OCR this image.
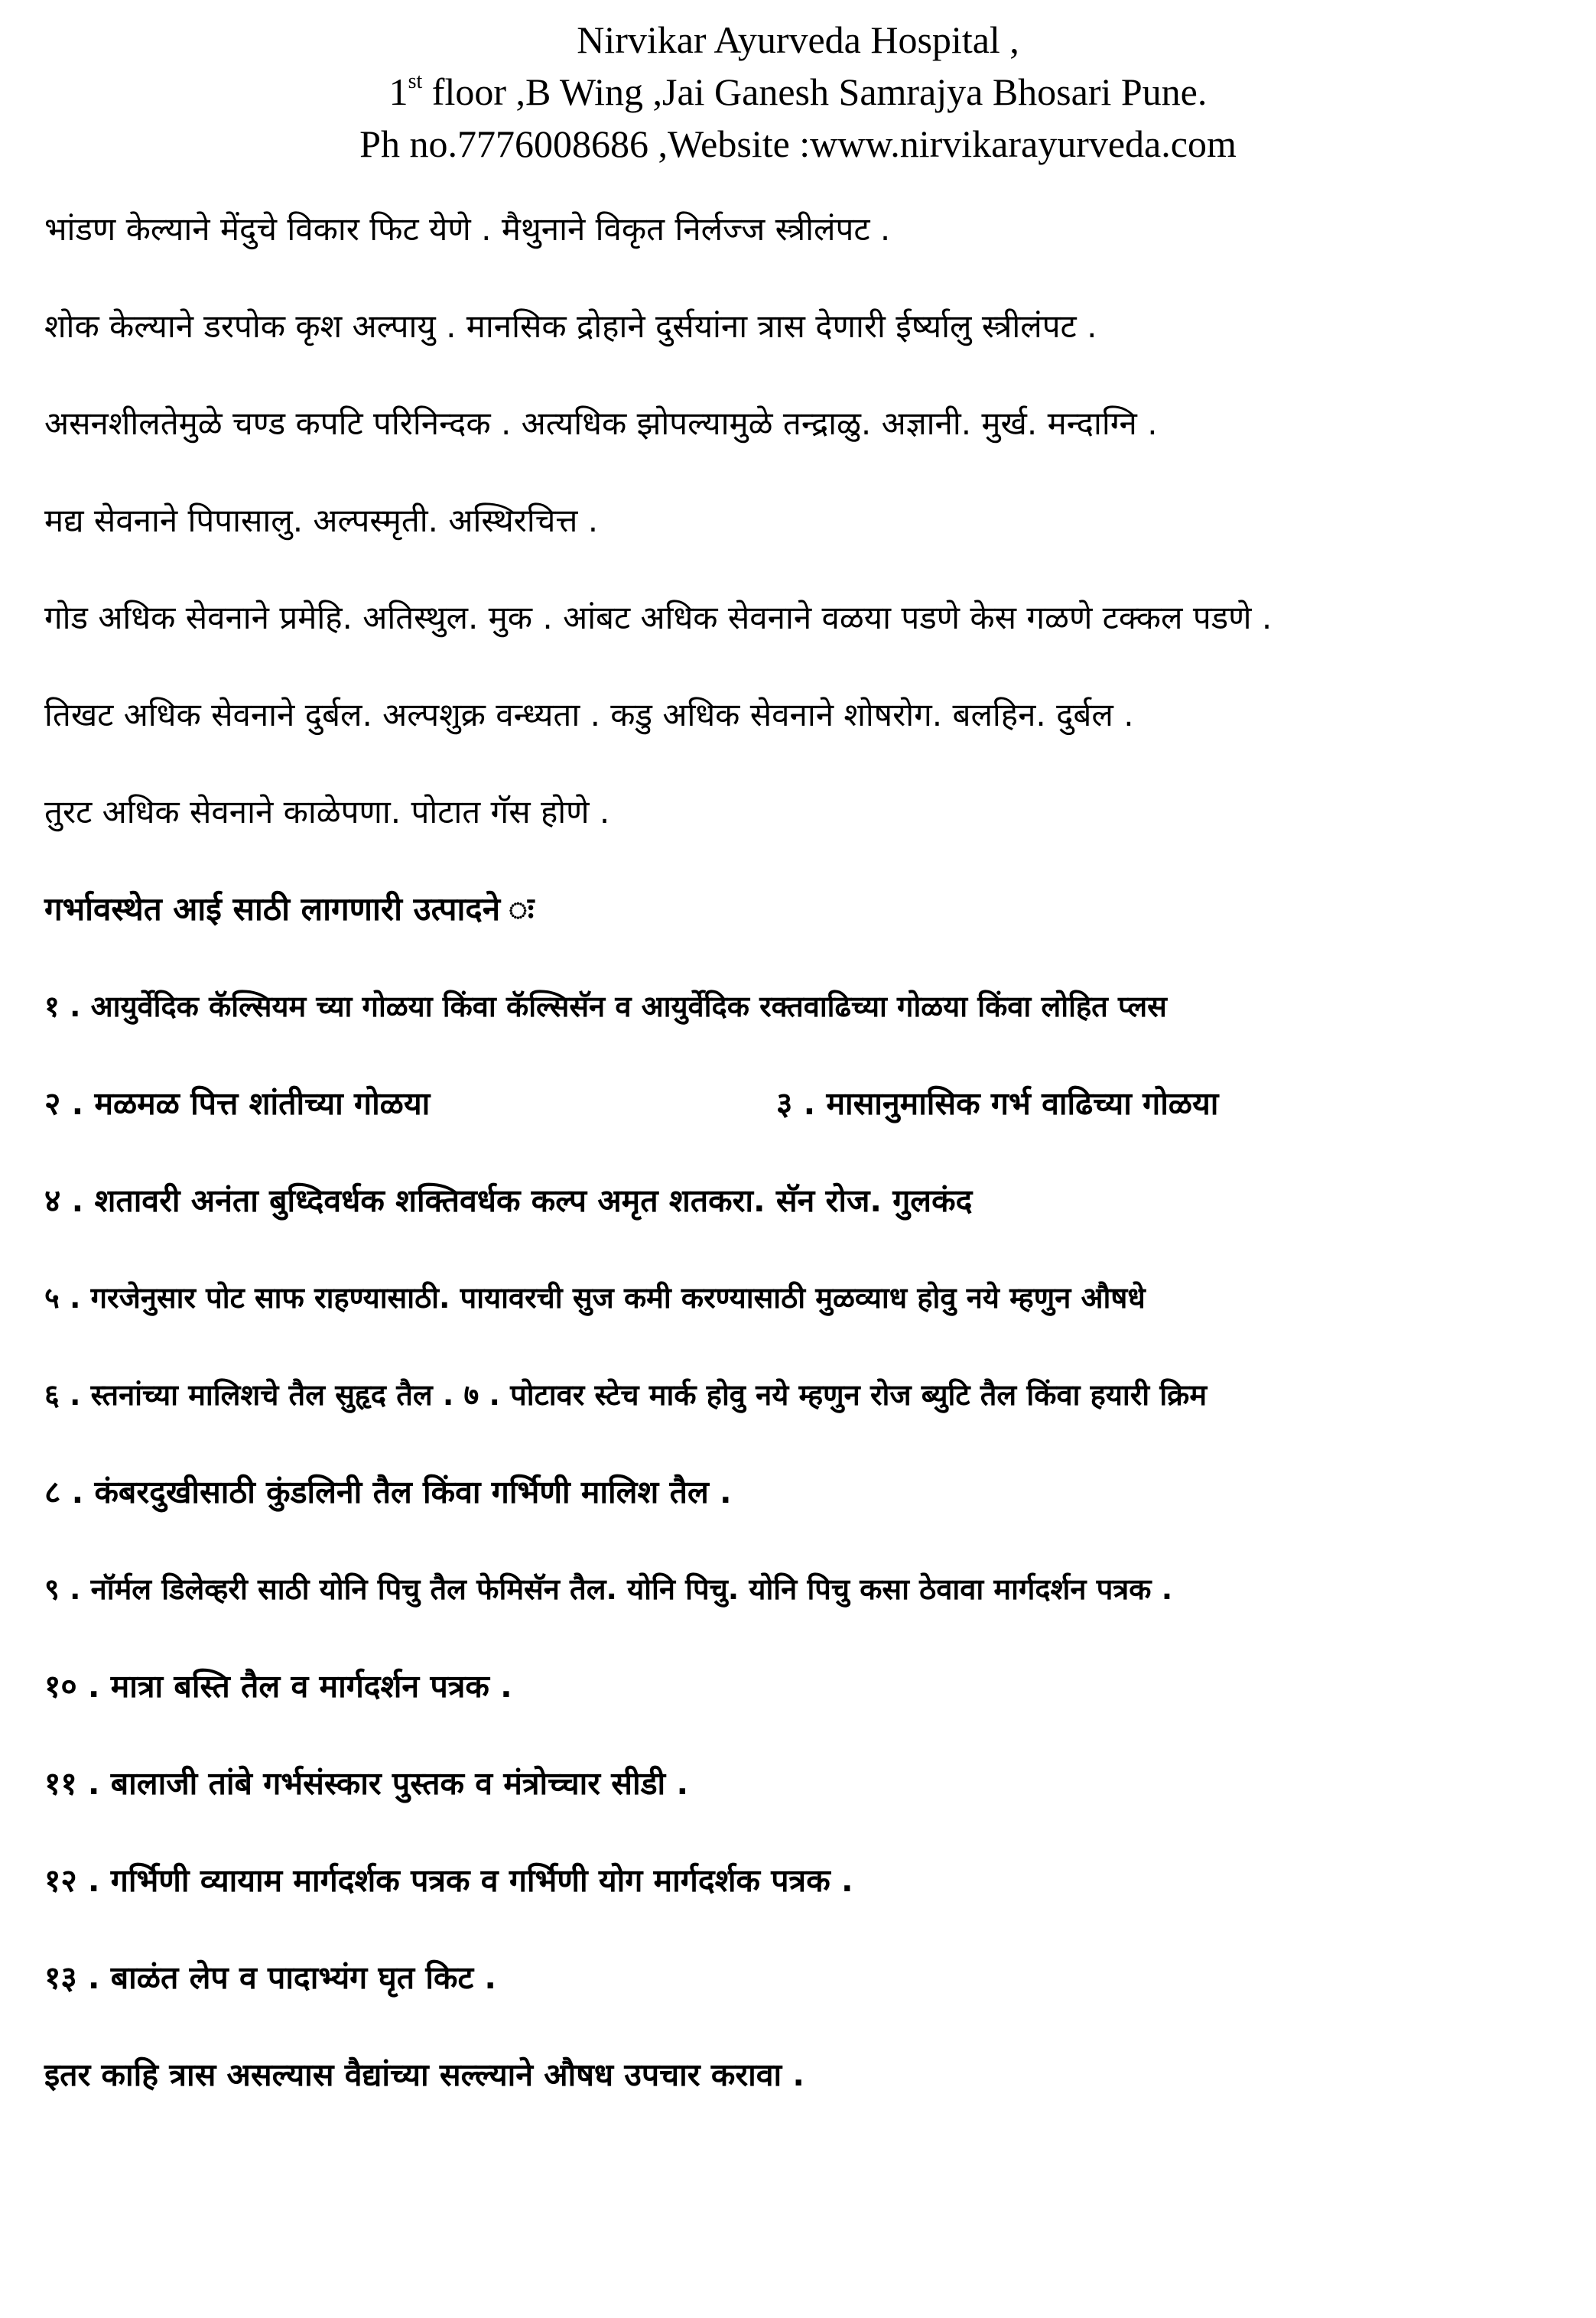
Nirvikar Ayurveda Hospital ,
1st floor ,B Wing ,Jai Ganesh Samrajya Bhosari Pune.
Ph no.7776008686 ,Website :www.nirvikarayurveda.com
भांडण केल्याने मेंदुचे विकार फिट येणे . मैथुनाने विकृत निर्लज्ज स्त्रीलंपट .
शोक केल्याने डरपोक कृश अल्पायु . मानसिक द्रोहाने दुर्सयांना त्रास देणारी ईर्ष्यालु स्त्रीलंपट .
असनशीलतेमुळे चण्ड कपटि परिनिन्दक . अत्यधिक झोपल्यामुळे तन्द्राळु. अज्ञानी. मुर्ख. मन्दाग्नि .
मद्य सेवनाने पिपासालु. अल्पस्मृती. अस्थिरचित्त .
गोड अधिक सेवनाने प्रमेहि. अतिस्थुल. मुक . आंबट अधिक सेवनाने वळया पडणे केस गळणे टक्कल पडणे .
तिखट अधिक सेवनाने दुर्बल. अल्पशुक्र वन्ध्यता . कडु अधिक सेवनाने शोषरोग. बलहिन. दुर्बल .
तुरट अधिक सेवनाने काळेपणा. पोटात गॅस होणे .
गर्भावस्थेत आई साठी लागणारी उत्पादने ः
१ . आयुर्वेदिक कॅल्सियम च्या गोळया किंवा कॅल्सिसॅन व आयुर्वेदिक रक्तवाढिच्या गोळया किंवा लोहित प्लस
२ . मळमळ पित्त शांतीच्या गोळया	३ . मासानुमासिक गर्भ वाढिच्या गोळया
४ . शतावरी अनंता बुध्दिवर्धक शक्तिवर्धक कल्प अमृत शतकरा. सॅन रोज. गुलकंद
५ . गरजेनुसार पोट साफ राहण्यासाठी. पायावरची सुज कमी करण्यासाठी मुळव्याध होवु नये म्हणुन औषधे
६ . स्तनांच्या मालिशचे तैल सुहृद तैल . ७ . पोटावर स्टेच मार्क होवु नये म्हणुन रोज ब्युटि तैल किंवा हयारी क्रिम
८ . कंबरदुखीसाठी कुंडलिनी तैल किंवा गर्भिणी मालिश तैल .
९ . नॉर्मल डिलेव्हरी साठी योनि पिचु तैल फेमिसॅन तैल. योनि पिचु. योनि पिचु कसा ठेवावा मार्गदर्शन पत्रक .
१० . मात्रा बस्ति तैल व मार्गदर्शन पत्रक .
११ . बालाजी तांबे गर्भसंस्कार पुस्तक व मंत्रोच्चार सीडी .
१२ . गर्भिणी व्यायाम मार्गदर्शक पत्रक व गर्भिणी योग मार्गदर्शक पत्रक .
१३ . बाळंत लेप व पादाभ्यंग घृत किट .
इतर काहि त्रास असल्यास वैद्यांच्या सल्ल्याने औषध उपचार करावा .
